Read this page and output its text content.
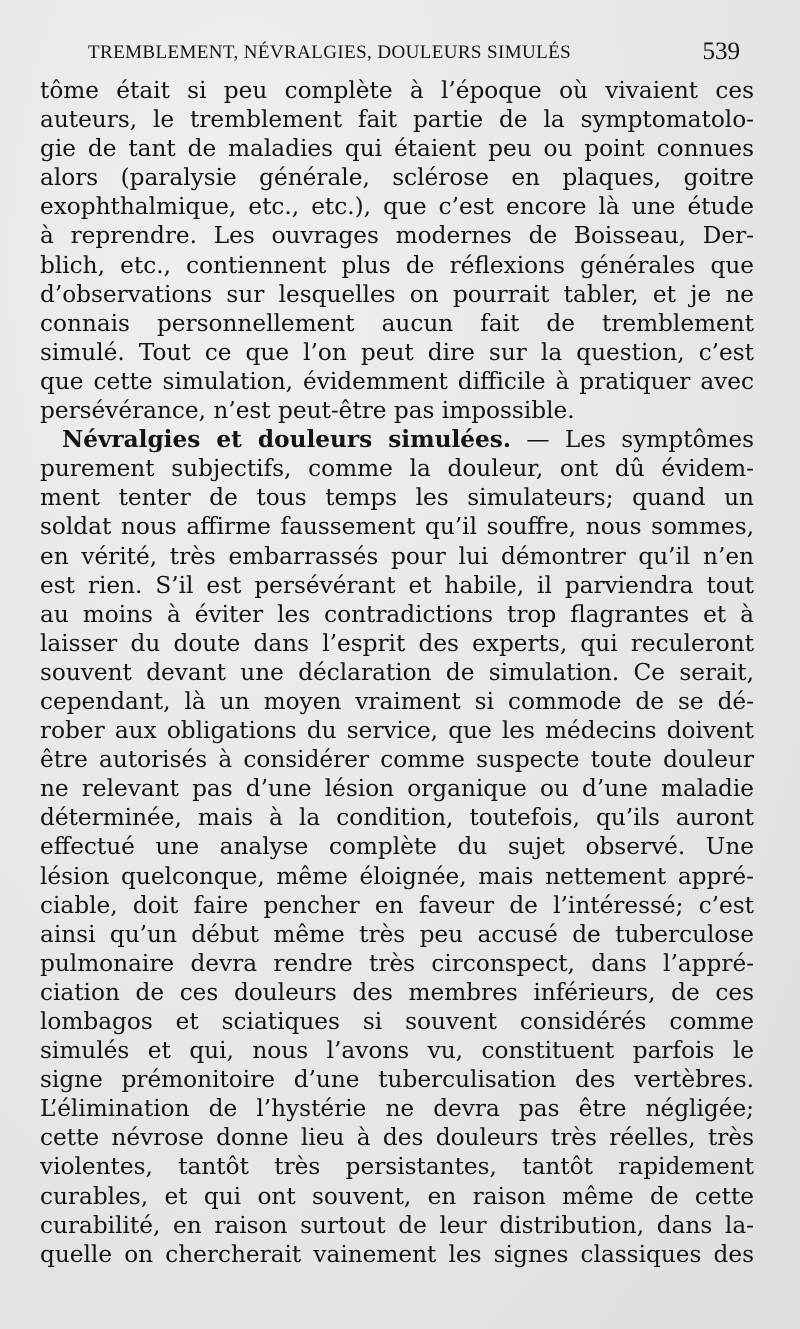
TREMBLEMENT, NÉVRALGIES, DOULEURS SIMULÉS	539
tôme était si peu complète à l’époque où vivaient ces
auteurs, le tremblement fait partie de la symptomatolo-
gie de tant de maladies qui étaient peu ou point connues
alors (paralysie générale, sclérose en plaques, goitre
exophthalmique, etc., etc.), que c’est encore là une étude
à reprendre. Les ouvrages modernes de Boisseau, Der-
blich, etc., contiennent plus de réflexions générales que
d’observations sur lesquelles on pourrait tabler, et je ne
connais personnellement aucun fait de tremblement
simulé. Tout ce que l’on peut dire sur la question, c’est
que cette simulation, évidemment difficile à pratiquer avec
persévérance, n’est peut-être pas impossible.
Névralgies et douleurs simulées. — Les symptômes
purement subjectifs, comme la douleur, ont dû évidem-
ment tenter de tous temps les simulateurs; quand un
soldat nous affirme faussement qu’il souffre, nous sommes,
en vérité, très embarrassés pour lui démontrer qu’il n’en
est rien. S’il est persévérant et habile, il parviendra tout
au moins à éviter les contradictions trop flagrantes et à
laisser du doute dans l’esprit des experts, qui reculeront
souvent devant une déclaration de simulation. Ce serait,
cependant, là un moyen vraiment si commode de se dé-
rober aux obligations du service, que les médecins doivent
être autorisés à considérer comme suspecte toute douleur
ne relevant pas d’une lésion organique ou d’une maladie
déterminée, mais à la condition, toutefois, qu’ils auront
effectué une analyse complète du sujet observé. Une
lésion quelconque, même éloignée, mais nettement appré-
ciable, doit faire pencher en faveur de l’intéressé; c’est
ainsi qu’un début même très peu accusé de tuberculose
pulmonaire devra rendre très circonspect, dans l’appré-
ciation de ces douleurs des membres inférieurs, de ces
lombagos et sciatiques si souvent considérés comme
simulés et qui, nous l’avons vu, constituent parfois le
signe prémonitoire d’une tuberculisation des vertèbres.
L’élimination de l’hystérie ne devra pas être négligée;
cette névrose donne lieu à des douleurs très réelles, très
violentes, tantôt très persistantes, tantôt rapidement
curables, et qui ont souvent, en raison même de cette
curabilité, en raison surtout de leur distribution, dans la-
quelle on chercherait vainement les signes classiques des
